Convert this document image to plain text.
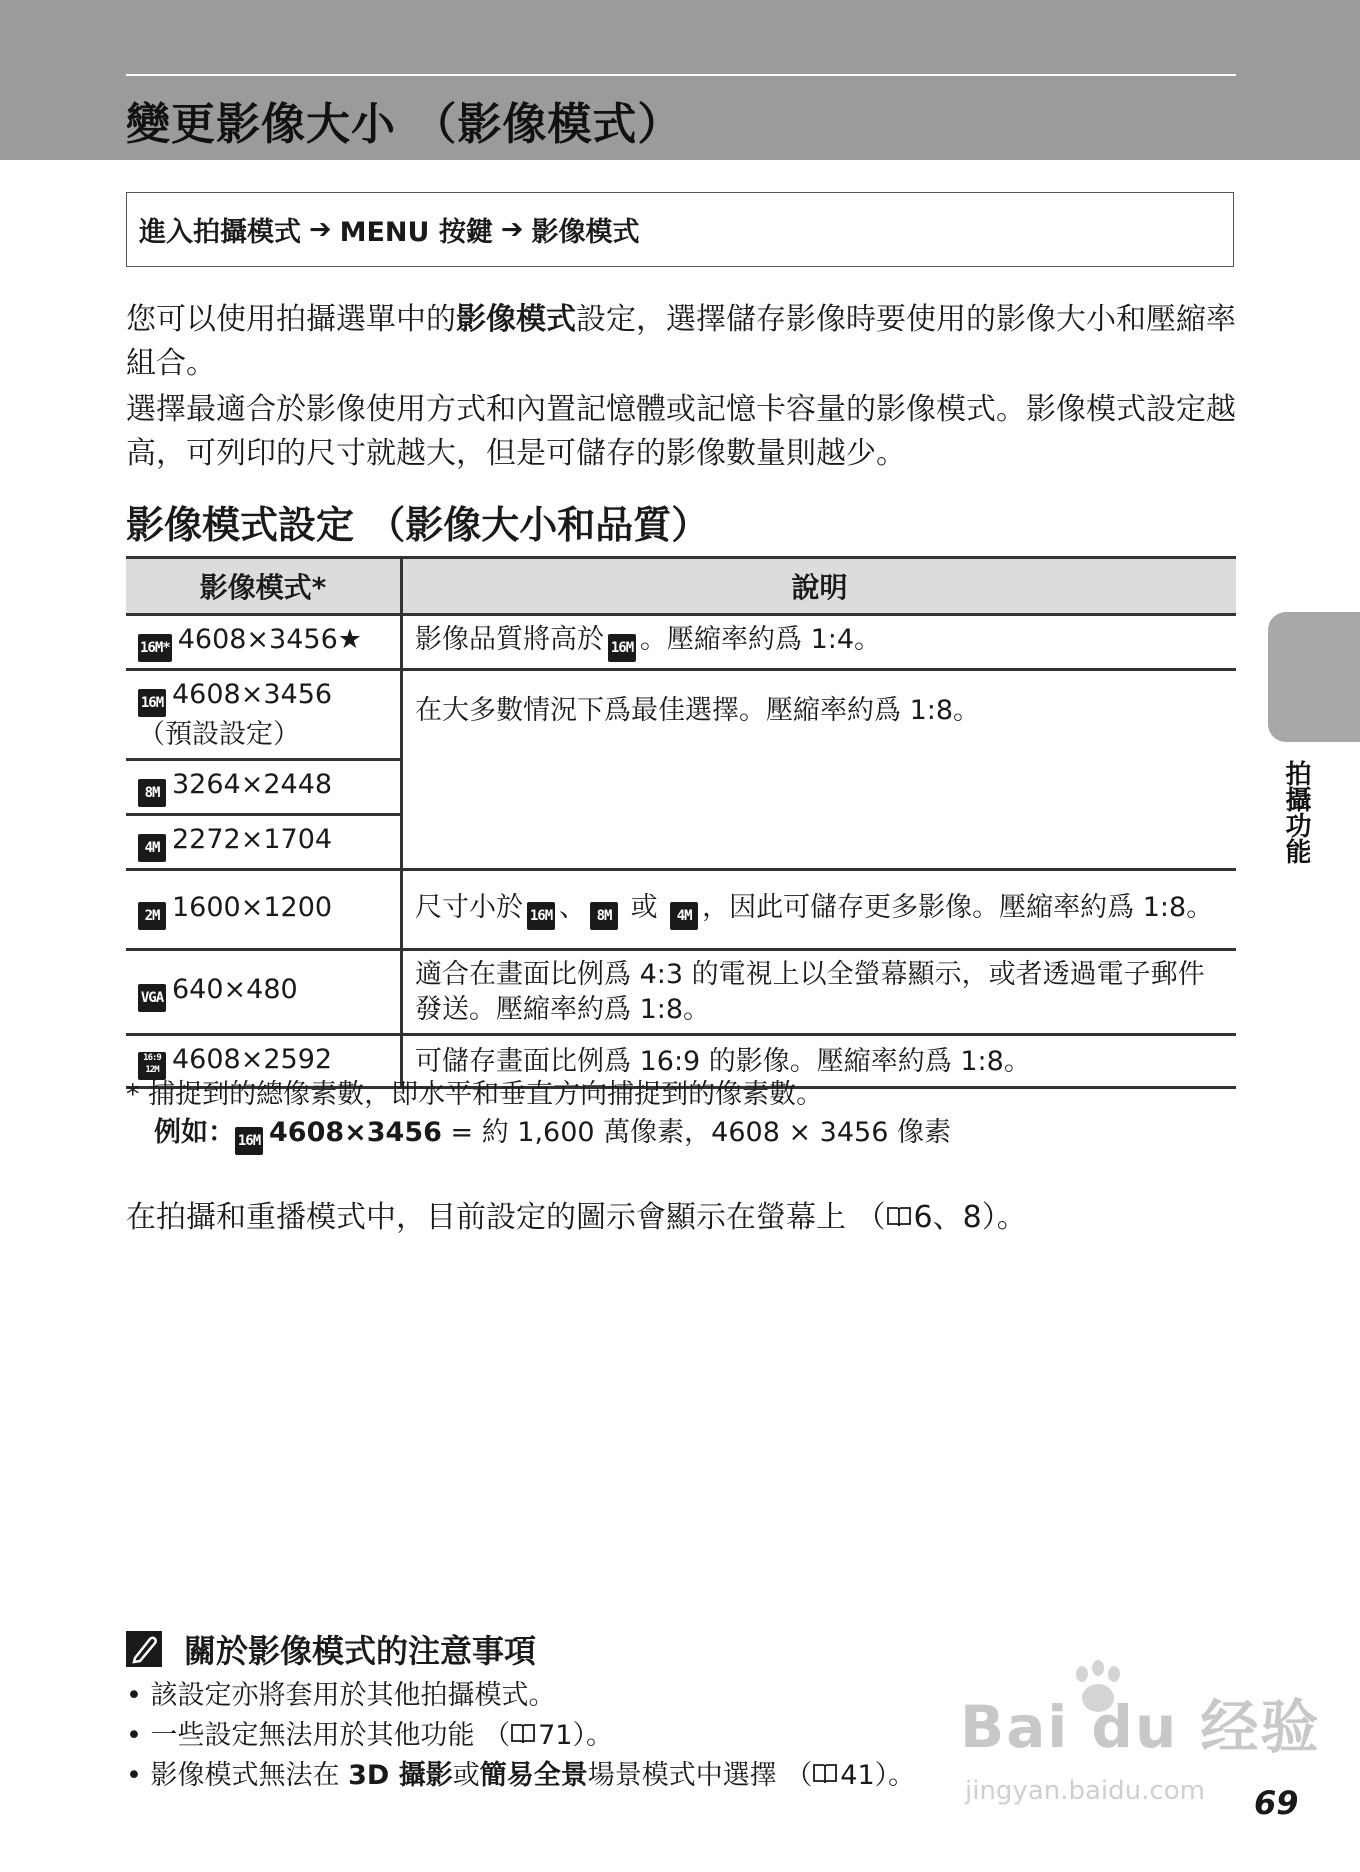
變更影像大小 （影像模式）
進入拍攝模式 ➔ MENU 按鍵 ➔ 影像模式

您可以使用拍攝選單中的影像模式設定，選擇儲存影像時要使用的影像大小和壓縮率組合。

選擇最適合於影像使用方式和內置記憶體或記憶卡容量的影像模式。影像模式設定越高，可列印的尺寸就越大，但是可儲存的影像數量則越少。

影像模式設定 （影像大小和品質）
影像模式*	說明
16M* 4608×3456★	影像品質將高於 16M 。壓縮率約爲 1:4。
16M 4608×3456
（預設設定）	在大多數情況下爲最佳選擇。壓縮率約爲 1:8。
8M 3264×2448	
4M 2272×1704	
2M 1600×1200	尺寸小於 16M 、 8M 或 4M ，因此可儲存更多影像。壓縮率約爲 1:8。
VGA 640×480	適合在畫面比例爲 4:3 的電視上以全螢幕顯示，或者透過電子郵件發送。壓縮率約爲 1:8。
16:9 12M 4608×2592	可儲存畫面比例爲 16:9 的影像。壓縮率約爲 1:8。
* 捕捉到的總像素數，即水平和垂直方向捕捉到的像素數。
例如： 16M 4608×3456 = 約 1,600 萬像素，4608 × 3456 像素
在拍攝和重播模式中，目前設定的圖示會顯示在螢幕上 （ 6、8）。
拍攝功能
關於影像模式的注意事項
• 該設定亦將套用於其他拍攝模式。
• 一些設定無法用於其他功能 （ 71）。
• 影像模式無法在 3D 攝影或簡易全景場景模式中選擇 （ 41）。
Bai du 经验
jingyan.baidu.com 69
